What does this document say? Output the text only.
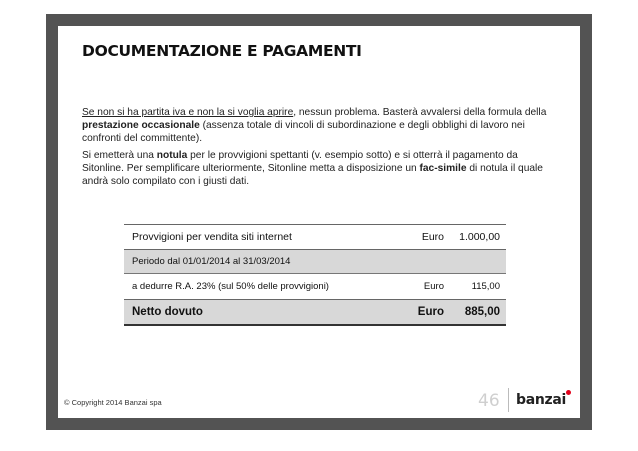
DOCUMENTAZIONE E PAGAMENTI

Se non si ha partita iva e non la si voglia aprire, nessun problema. Basterà avvalersi della formula della prestazione occasionale (assenza totale di vincoli di subordinazione e degli obblighi di lavoro nei confronti del committente).

Si emetterà una notula per le provvigioni spettanti (v. esempio sotto) e si otterrà il pagamento da Sitonline. Per semplificare ulteriormente, Sitonline metta a disposizione un fac-simile di notula il quale andrà solo compilato con i giusti dati.

Provvigioni per vendita siti internet	Euro 1.000,00
Periodo dal 01/01/2014 al 31/03/2014
a dedurre R.A. 23% (sul 50% delle provvigioni)	Euro	115,00
Netto dovuto	Euro	885,00
© Copyright 2014 Banzai spa	46 banzai
